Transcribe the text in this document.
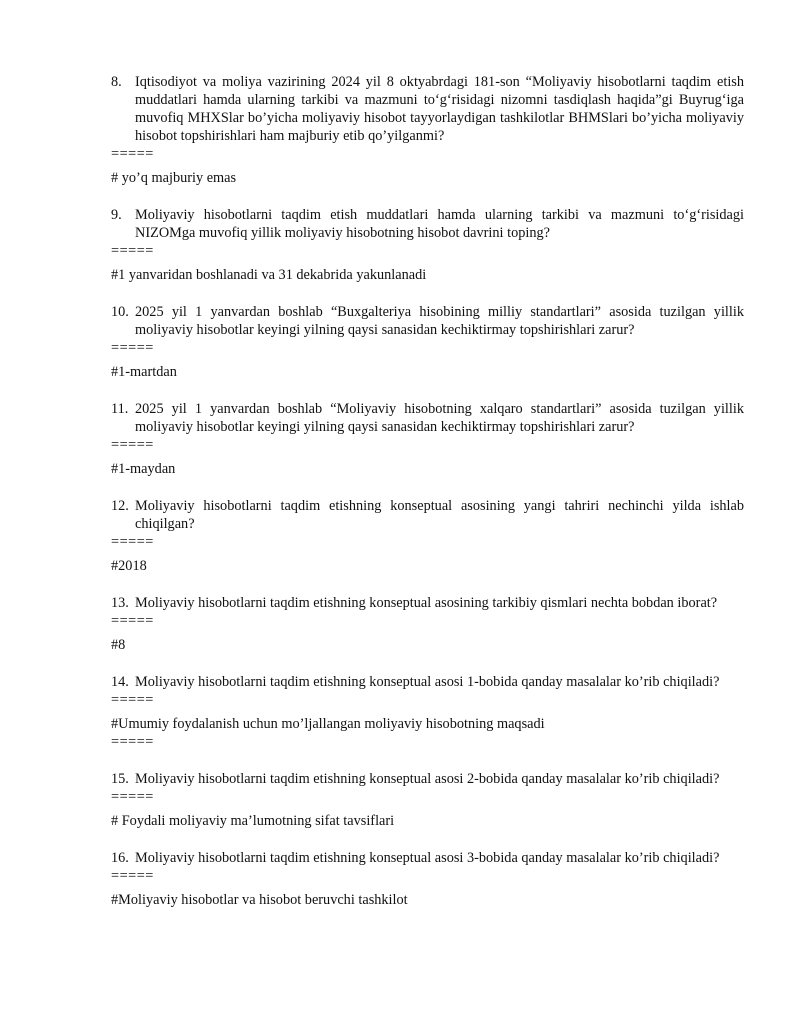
8. Iqtisodiyot va moliya vazirining 2024 yil 8 oktyabrdagi 181-son “Moliyaviy hisobotlarni taqdim etish muddatlari hamda ularning tarkibi va mazmuni to‘g‘risidagi nizomni tasdiqlash haqida”gi Buyrug‘iga muvofiq MHXSlar bo’yicha moliyaviy hisobot tayyorlaydigan tashkilotlar BHMSlari bo’yicha moliyaviy hisobot topshirishlari ham majburiy etib qo’yilganmi?
=====
# yo’q majburiy emas
9. Moliyaviy hisobotlarni taqdim etish muddatlari hamda ularning tarkibi va mazmuni to‘g‘risidagi NIZOMga muvofiq yillik moliyaviy hisobotning hisobot davrini toping?
=====
#1 yanvaridan boshlanadi va 31 dekabrida yakunlanadi
10. 2025 yil 1 yanvardan boshlab “Buxgalteriya hisobining milliy standartlari” asosida tuzilgan yillik moliyaviy hisobotlar keyingi yilning qaysi sanasidan kechiktirmay topshirishlari zarur?
=====
#1-martdan
11. 2025 yil 1 yanvardan boshlab “Moliyaviy hisobotning xalqaro standartlari” asosida tuzilgan yillik moliyaviy hisobotlar keyingi yilning qaysi sanasidan kechiktirmay topshirishlari zarur?
=====
#1-maydan
12. Moliyaviy hisobotlarni taqdim etishning konseptual asosining yangi tahriri nechinchi yilda ishlab chiqilgan?
=====
#2018
13. Moliyaviy hisobotlarni taqdim etishning konseptual asosining tarkibiy qismlari nechta bobdan iborat?
=====
#8
14. Moliyaviy hisobotlarni taqdim etishning konseptual asosi 1-bobida qanday masalalar ko’rib chiqiladi?
=====
#Umumiy foydalanish uchun mo’ljallangan moliyaviy hisobotning maqsadi
=====
15. Moliyaviy hisobotlarni taqdim etishning konseptual asosi 2-bobida qanday masalalar ko’rib chiqiladi?
=====
# Foydali moliyaviy ma’lumotning sifat tavsiflari
16. Moliyaviy hisobotlarni taqdim etishning konseptual asosi 3-bobida qanday masalalar ko’rib chiqiladi?
=====
#Moliyaviy hisobotlar va hisobot beruvchi tashkilot
